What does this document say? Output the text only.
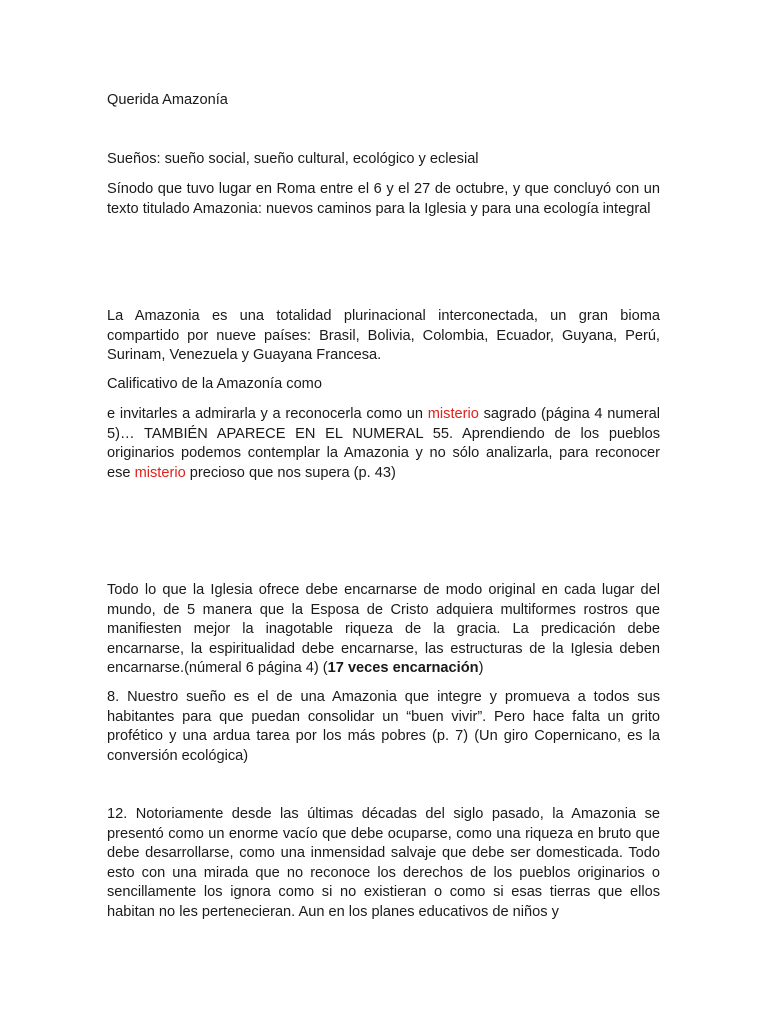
Querida Amazonía

Sueños: sueño social, sueño cultural, ecológico y eclesial

Sínodo que tuvo lugar en Roma entre el 6 y el 27 de octubre, y que concluyó con un texto titulado Amazonia: nuevos caminos para la Iglesia y para una ecología integral

La Amazonia es una totalidad plurinacional interconectada, un gran bioma compartido por nueve países: Brasil, Bolivia, Colombia, Ecuador, Guyana, Perú, Surinam, Venezuela y Guayana Francesa.

Calificativo de la Amazonía como

e invitarles a admirarla y a reconocerla como un misterio sagrado (página 4 numeral 5)… TAMBIÉN APARECE EN EL NUMERAL 55. Aprendiendo de los pueblos originarios podemos contemplar la Amazonia y no sólo analizarla, para reconocer ese misterio precioso que nos supera (p. 43)

Todo lo que la Iglesia ofrece debe encarnarse de modo original en cada lugar del mundo, de 5 manera que la Esposa de Cristo adquiera multiformes rostros que manifiesten mejor la inagotable riqueza de la gracia. La predicación debe encarnarse, la espiritualidad debe encarnarse, las estructuras de la Iglesia deben encarnarse.(númeral 6 página 4) (17 veces encarnación)

8. Nuestro sueño es el de una Amazonia que integre y promueva a todos sus habitantes para que puedan consolidar un “buen vivir”. Pero hace falta un grito profético y una ardua tarea por los más pobres (p. 7) (Un giro Copernicano, es la conversión ecológica)

12. Notoriamente desde las últimas décadas del siglo pasado, la Amazonia se presentó como un enorme vacío que debe ocuparse, como una riqueza en bruto que debe desarrollarse, como una inmensidad salvaje que debe ser domesticada. Todo esto con una mirada que no reconoce los derechos de los pueblos originarios o sencillamente los ignora como si no existieran o como si esas tierras que ellos habitan no les pertenecieran. Aun en los planes educativos de niños y
